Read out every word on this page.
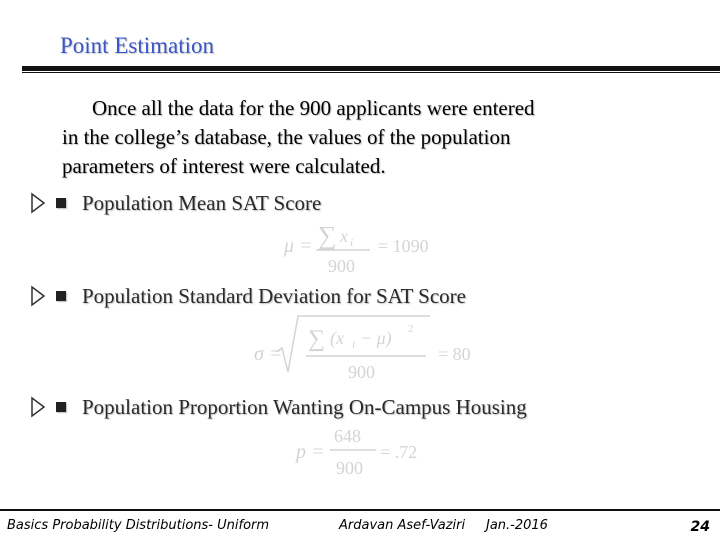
Point Estimation
Once all the data for the 900 applicants were entered
in the college’s database, the values of the population
parameters of interest were calculated.
Population Mean SAT Score
μ = ∑ x i
900
= 1090
Population Standard Deviation for SAT Score
σ =
∑ (x i − μ) 2
900
= 80
Population Proportion Wanting On-Campus Housing
p =
648
900
= .72
Basics Probability Distributions- Uniform	Ardavan Asef-Vaziri Jan.-2016	24
